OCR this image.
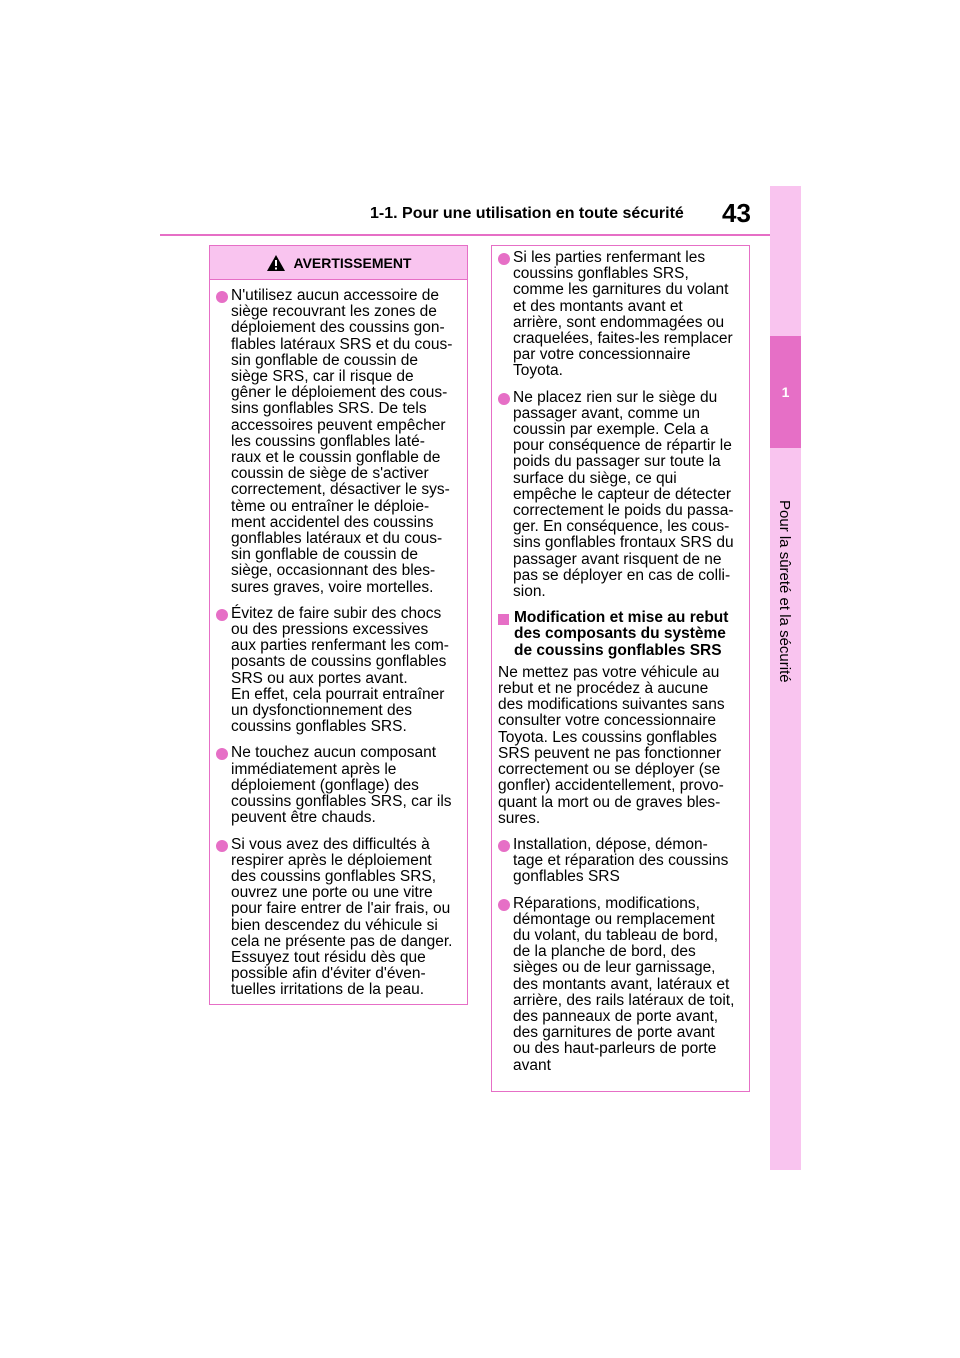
1-1. Pour une utilisation en toute sécurité 43
1
Pour la sûreté et la sécurité
AVERTISSEMENT
N'utilisez aucun accessoire de
siège recouvrant les zones de
déploiement des coussins gon-
flables latéraux SRS et du cous-
sin gonflable de coussin de
siège SRS, car il risque de
gêner le déploiement des cous-
sins gonflables SRS. De tels
accessoires peuvent empêcher
les coussins gonflables laté-
raux et le coussin gonflable de
coussin de siège de s'activer
correctement, désactiver le sys-
tème ou entraîner le déploie-
ment accidentel des coussins
gonflables latéraux et du cous-
sin gonflable de coussin de
siège, occasionnant des bles-
sures graves, voire mortelles.
Évitez de faire subir des chocs
ou des pressions excessives
aux parties renfermant les com-
posants de coussins gonflables
SRS ou aux portes avant.
En effet, cela pourrait entraîner
un dysfonctionnement des
coussins gonflables SRS.
Ne touchez aucun composant
immédiatement après le
déploiement (gonflage) des
coussins gonflables SRS, car ils
peuvent être chauds.
Si vous avez des difficultés à
respirer après le déploiement
des coussins gonflables SRS,
ouvrez une porte ou une vitre
pour faire entrer de l'air frais, ou
bien descendez du véhicule si
cela ne présente pas de danger.
Essuyez tout résidu dès que
possible afin d'éviter d'éven-
tuelles irritations de la peau.
Si les parties renfermant les
coussins gonflables SRS,
comme les garnitures du volant
et des montants avant et
arrière, sont endommagées ou
craquelées, faites-les remplacer
par votre concessionnaire
Toyota.
Ne placez rien sur le siège du
passager avant, comme un
coussin par exemple. Cela a
pour conséquence de répartir le
poids du passager sur toute la
surface du siège, ce qui
empêche le capteur de détecter
correctement le poids du passa-
ger. En conséquence, les cous-
sins gonflables frontaux SRS du
passager avant risquent de ne
pas se déployer en cas de colli-
sion.
Modification et mise au rebut
des composants du système
de coussins gonflables SRS
Ne mettez pas votre véhicule au
rebut et ne procédez à aucune
des modifications suivantes sans
consulter votre concessionnaire
Toyota. Les coussins gonflables
SRS peuvent ne pas fonctionner
correctement ou se déployer (se
gonfler) accidentellement, provo-
quant la mort ou de graves bles-
sures.
Installation, dépose, démon-
tage et réparation des coussins
gonflables SRS
Réparations, modifications,
démontage ou remplacement
du volant, du tableau de bord,
de la planche de bord, des
sièges ou de leur garnissage,
des montants avant, latéraux et
arrière, des rails latéraux de toit,
des panneaux de porte avant,
des garnitures de porte avant
ou des haut-parleurs de porte
avant
